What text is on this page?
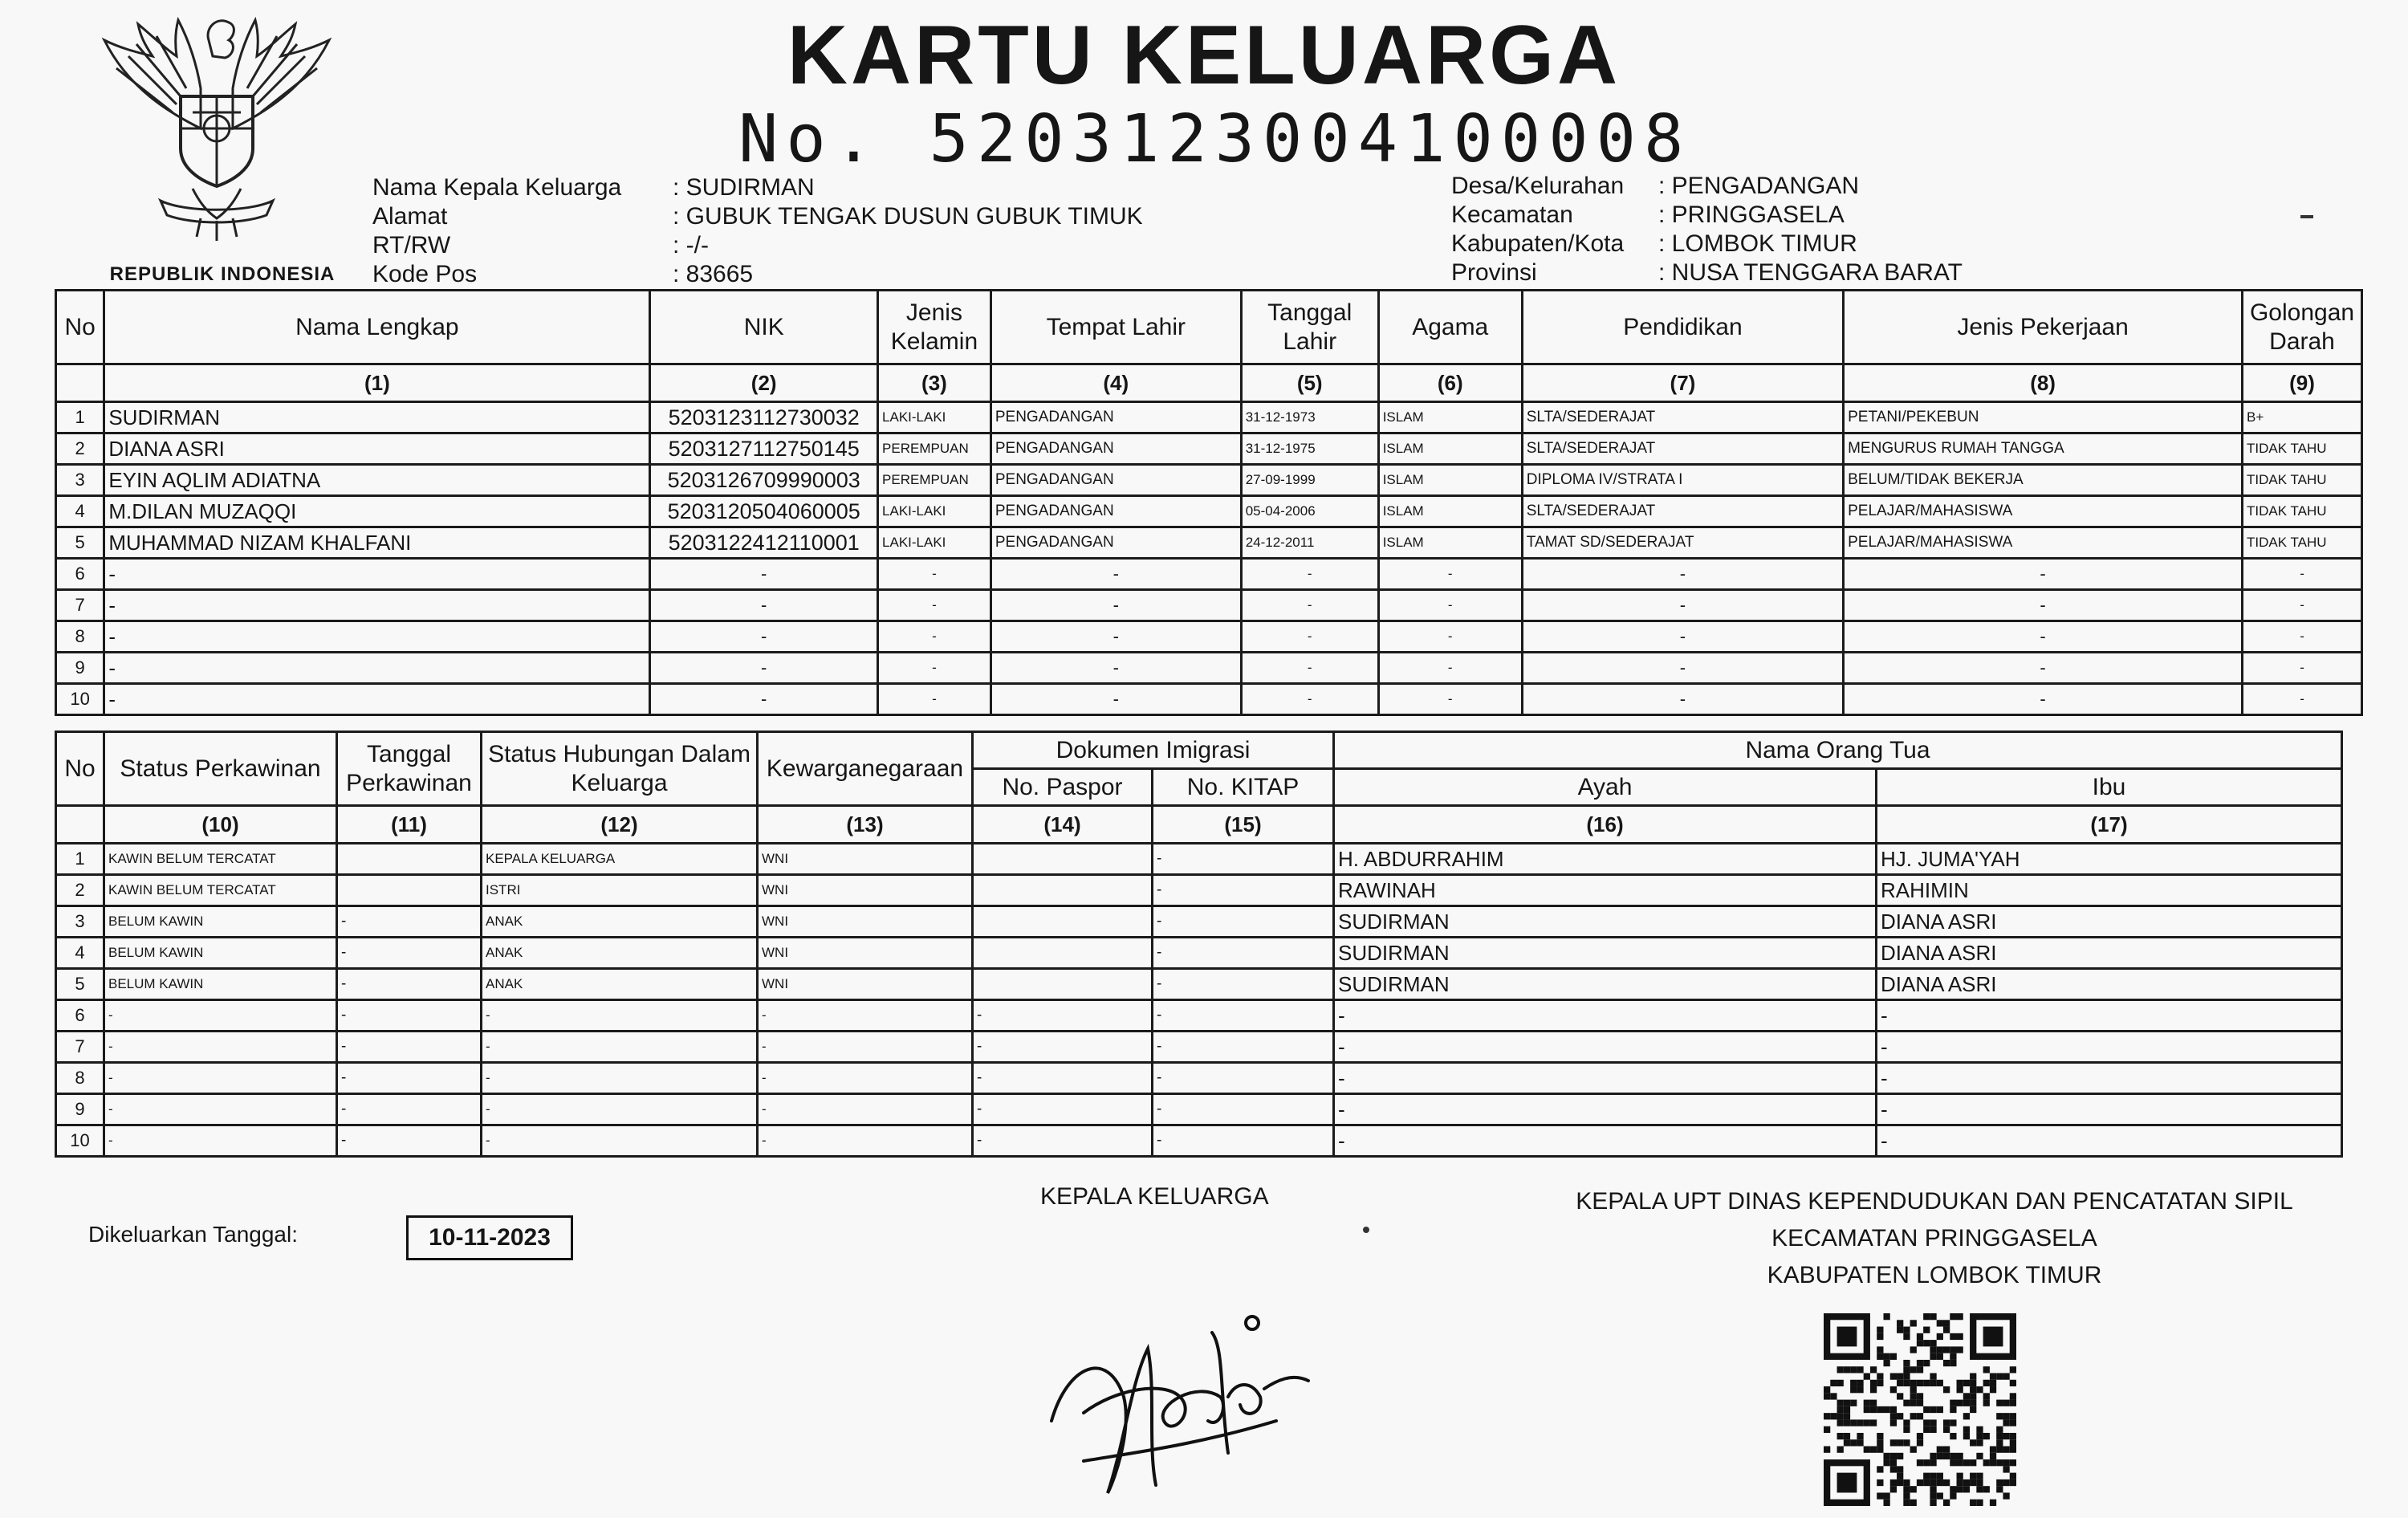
REPUBLIK INDONESIA
KARTU KELUARGA
No. 5203123004100008
Nama Kepala Keluarga
Alamat
RT/RW
Kode Pos
: SUDIRMAN
: GUBUK TENGAK DUSUN GUBUK TIMUK
: -/-
: 83665
Desa/Kelurahan
Kecamatan
Kabupaten/Kota
Provinsi
: PENGADANGAN
: PRINGGASELA
: LOMBOK TIMUR
: NUSA TENGGARA BARAT
No	Nama Lengkap	NIK	Jenis Kelamin	Tempat Lahir	Tanggal Lahir	Agama	Pendidikan	Jenis Pekerjaan	Golongan Darah
	(1)	(2)	(3)	(4)	(5)	(6)	(7)	(8)	(9)
1	SUDIRMAN	5203123112730032	LAKI-LAKI	PENGADANGAN	31-12-1973	ISLAM	SLTA/SEDERAJAT	PETANI/PEKEBUN	B+
2	DIANA ASRI	5203127112750145	PEREMPUAN	PENGADANGAN	31-12-1975	ISLAM	SLTA/SEDERAJAT	MENGURUS RUMAH TANGGA	TIDAK TAHU
3	EYIN AQLIM ADIATNA	5203126709990003	PEREMPUAN	PENGADANGAN	27-09-1999	ISLAM	DIPLOMA IV/STRATA I	BELUM/TIDAK BEKERJA	TIDAK TAHU
4	M.DILAN MUZAQQI	5203120504060005	LAKI-LAKI	PENGADANGAN	05-04-2006	ISLAM	SLTA/SEDERAJAT	PELAJAR/MAHASISWA	TIDAK TAHU
5	MUHAMMAD NIZAM KHALFANI	5203122412110001	LAKI-LAKI	PENGADANGAN	24-12-2011	ISLAM	TAMAT SD/SEDERAJAT	PELAJAR/MAHASISWA	TIDAK TAHU
6	-	-	-	-	-	-	-	-	-
7	-	-	-	-	-	-	-	-	-
8	-	-	-	-	-	-	-	-	-
9	-	-	-	-	-	-	-	-	-
10	-	-	-	-	-	-	-	-	-
No	Status Perkawinan	Tanggal Perkawinan	Status Hubungan Dalam Keluarga	Kewarganegaraan	Dokumen Imigrasi		Nama Orang Tua	
					No. Paspor	No. KITAP	Ayah	Ibu
	(10)	(11)	(12)	(13)	(14)	(15)	(16)	(17)
1	KAWIN BELUM TERCATAT		KEPALA KELUARGA	WNI		-	H. ABDURRAHIM	HJ. JUMA'YAH
2	KAWIN BELUM TERCATAT		ISTRI	WNI		-	RAWINAH	RAHIMIN
3	BELUM KAWIN	-	ANAK	WNI		-	SUDIRMAN	DIANA ASRI
4	BELUM KAWIN	-	ANAK	WNI		-	SUDIRMAN	DIANA ASRI
5	BELUM KAWIN	-	ANAK	WNI		-	SUDIRMAN	DIANA ASRI
6	-	-	-	-	-	-	-	-
7	-	-	-	-	-	-	-	-
8	-	-	-	-	-	-	-	-
9	-	-	-	-	-	-	-	-
10	-	-	-	-	-	-	-	-
Dikeluarkan Tanggal:	10-11-2023
KEPALA KELUARGA	KEPALA UPT DINAS KEPENDUDUKAN DAN PENCATATAN SIPIL
KECAMATAN PRINGGASELA
KABUPATEN LOMBOK TIMUR
